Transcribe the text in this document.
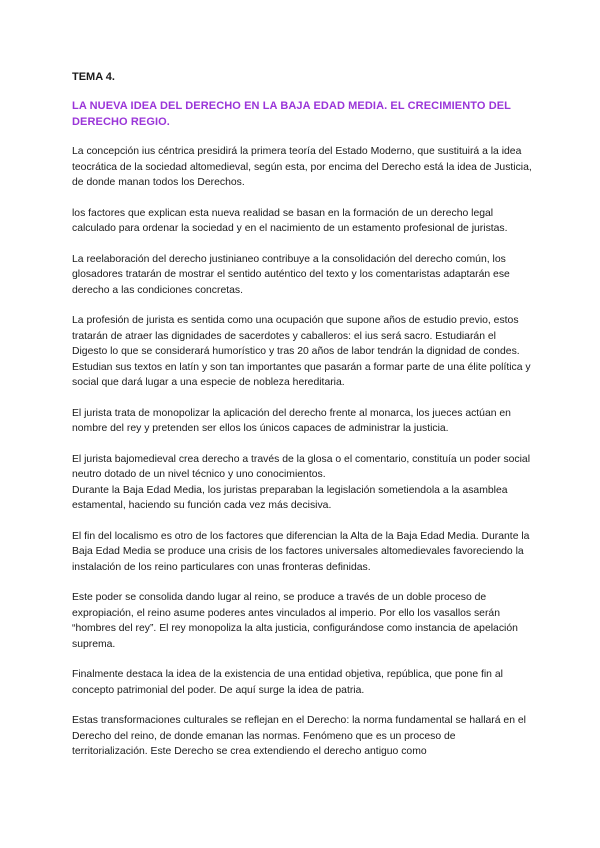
TEMA 4.
LA NUEVA IDEA DEL DERECHO EN LA BAJA EDAD MEDIA. EL CRECIMIENTO DEL DERECHO REGIO.

La concepción ius céntrica presidirá la primera teoría del Estado Moderno, que sustituirá a la idea teocrática de la sociedad altomedieval, según esta, por encima del Derecho está la idea de Justicia, de donde manan todos los Derechos.

los factores que explican esta nueva realidad se basan en la formación de un derecho legal calculado para ordenar la sociedad y en el nacimiento de un estamento profesional de juristas.

La reelaboración del derecho justinianeo contribuye a la consolidación del derecho común, los glosadores tratarán de mostrar el sentido auténtico del texto y los comentaristas adaptarán ese derecho a las condiciones concretas.

La profesión de jurista es sentida como una ocupación que supone años de estudio previo, estos tratarán de atraer las dignidades de sacerdotes y caballeros: el ius será sacro. Estudiarán el Digesto lo que se considerará humorístico y tras 20 años de labor tendrán la dignidad de condes.
Estudian sus textos en latín y son tan importantes que pasarán a formar parte de una élite política y social que dará lugar a una especie de nobleza hereditaria.

El jurista trata de monopolizar la aplicación del derecho frente al monarca, los jueces actúan en nombre del rey y pretenden ser ellos los únicos capaces de administrar la justicia.

El jurista bajomedieval crea derecho a través de la glosa o el comentario, constituía un poder social neutro dotado de un nivel técnico y uno conocimientos.
Durante la Baja Edad Media, los juristas preparaban la legislación sometiendola a la asamblea estamental, haciendo su función cada vez más decisiva.

El fin del localismo es otro de los factores que diferencian la Alta de la Baja Edad Media. Durante la Baja Edad Media se produce una crisis de los factores universales altomedievales favoreciendo la instalación de los reino particulares con unas fronteras definidas.

Este poder se consolida dando lugar al reino, se produce a través de un doble proceso de expropiación, el reino asume poderes antes vinculados al imperio. Por ello los vasallos serán “hombres del rey”. El rey monopoliza la alta justicia, configurándose como instancia de apelación suprema.

Finalmente destaca la idea de la existencia de una entidad objetiva, república, que pone fin al concepto patrimonial del poder. De aquí surge la idea de patria.

Estas transformaciones culturales se reflejan en el Derecho: la norma fundamental se hallará en el Derecho del reino, de donde emanan las normas. Fenómeno que es un proceso de territorialización. Este Derecho se crea extendiendo el derecho antiguo como
